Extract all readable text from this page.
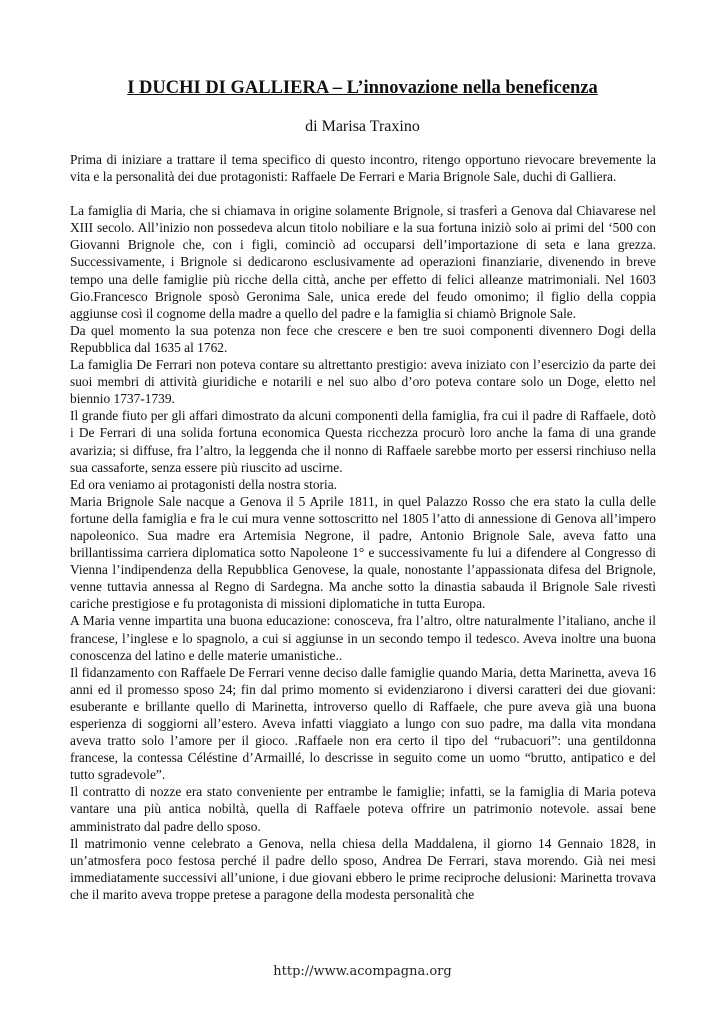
I DUCHI DI GALLIERA – L’innovazione nella beneficenza
di Marisa Traxino

Prima di iniziare a trattare il tema specifico di questo incontro, ritengo opportuno rievocare brevemente la vita e la personalità dei due protagonisti: Raffaele De Ferrari e Maria Brignole Sale, duchi di Galliera.

La famiglia di Maria, che si chiamava in origine solamente Brignole, si trasferì a Genova dal Chiavarese nel XIII secolo. All’inizio non possedeva alcun titolo nobiliare e la sua fortuna iniziò solo ai primi del ‘500 con Giovanni Brignole che, con i figli, cominciò ad occuparsi dell’importazione di seta e lana grezza. Successivamente, i Brignole si dedicarono esclusivamente ad operazioni finanziarie, divenendo in breve tempo una delle famiglie più ricche della città, anche per effetto di felici alleanze matrimoniali. Nel 1603 Gio.Francesco Brignole sposò Geronima Sale, unica erede del feudo omonimo; il figlio della coppia aggiunse così il cognome della madre a quello del padre e la famiglia si chiamò Brignole Sale.

Da quel momento la sua potenza non fece che crescere e ben tre suoi componenti divennero Dogi della Repubblica dal 1635 al 1762.

La famiglia De Ferrari non poteva contare su altrettanto prestigio: aveva iniziato con l’esercizio da parte dei suoi membri di attività giuridiche e notarili e nel suo albo d’oro poteva contare solo un Doge, eletto nel biennio 1737-1739.

Il grande fiuto per gli affari dimostrato da alcuni componenti della famiglia, fra cui il padre di Raffaele, dotò i De Ferrari di una solida fortuna economica Questa ricchezza procurò loro anche la fama di una grande avarizia; si diffuse, fra l’altro, la leggenda che il nonno di Raffaele sarebbe morto per essersi rinchiuso nella sua cassaforte, senza essere più riuscito ad uscirne.

Ed ora veniamo ai protagonisti della nostra storia.

Maria Brignole Sale nacque a Genova il 5 Aprile 1811, in quel Palazzo Rosso che era stato la culla delle fortune della famiglia e fra le cui mura venne sottoscritto nel 1805 l’atto di annessione di Genova all’impero napoleonico. Sua madre era Artemisia Negrone, il padre, Antonio Brignole Sale, aveva fatto una brillantissima carriera diplomatica sotto Napoleone 1° e successivamente fu lui a difendere al Congresso di Vienna l’indipendenza della Repubblica Genovese, la quale, nonostante l’appassionata difesa del Brignole, venne tuttavia annessa al Regno di Sardegna. Ma anche sotto la dinastia sabauda il Brignole Sale rivestì cariche prestigiose e fu protagonista di missioni diplomatiche in tutta Europa.

A Maria venne impartita una buona educazione: conosceva, fra l’altro, oltre naturalmente l’italiano, anche il francese, l’inglese e lo spagnolo, a cui si aggiunse in un secondo tempo il tedesco. Aveva inoltre una buona conoscenza del latino e delle materie umanistiche..

Il fidanzamento con Raffaele De Ferrari venne deciso dalle famiglie quando Maria, detta Marinetta, aveva 16 anni ed il promesso sposo 24; fin dal primo momento si evidenziarono i diversi caratteri dei due giovani: esuberante e brillante quello di Marinetta, introverso quello di Raffaele, che pure aveva già una buona esperienza di soggiorni all’estero. Aveva infatti viaggiato a lungo con suo padre, ma dalla vita mondana aveva tratto solo l’amore per il gioco. .Raffaele non era certo il tipo del “rubacuori”: una gentildonna francese, la contessa Céléstine d’Armaillé, lo descrisse in seguito come un uomo “brutto, antipatico e del tutto sgradevole”.

Il contratto di nozze era stato conveniente per entrambe le famiglie; infatti, se la famiglia di Maria poteva vantare una più antica nobiltà, quella di Raffaele poteva offrire un patrimonio notevole. assai bene amministrato dal padre dello sposo.

Il matrimonio venne celebrato a Genova, nella chiesa della Maddalena, il giorno 14 Gennaio 1828, in un’atmosfera poco festosa perché il padre dello sposo, Andrea De Ferrari, stava morendo. Già nei mesi immediatamente successivi all’unione, i due giovani ebbero le prime reciproche delusioni: Marinetta trovava che il marito aveva troppe pretese a paragone della modesta personalità che

http://www.acompagna.org
